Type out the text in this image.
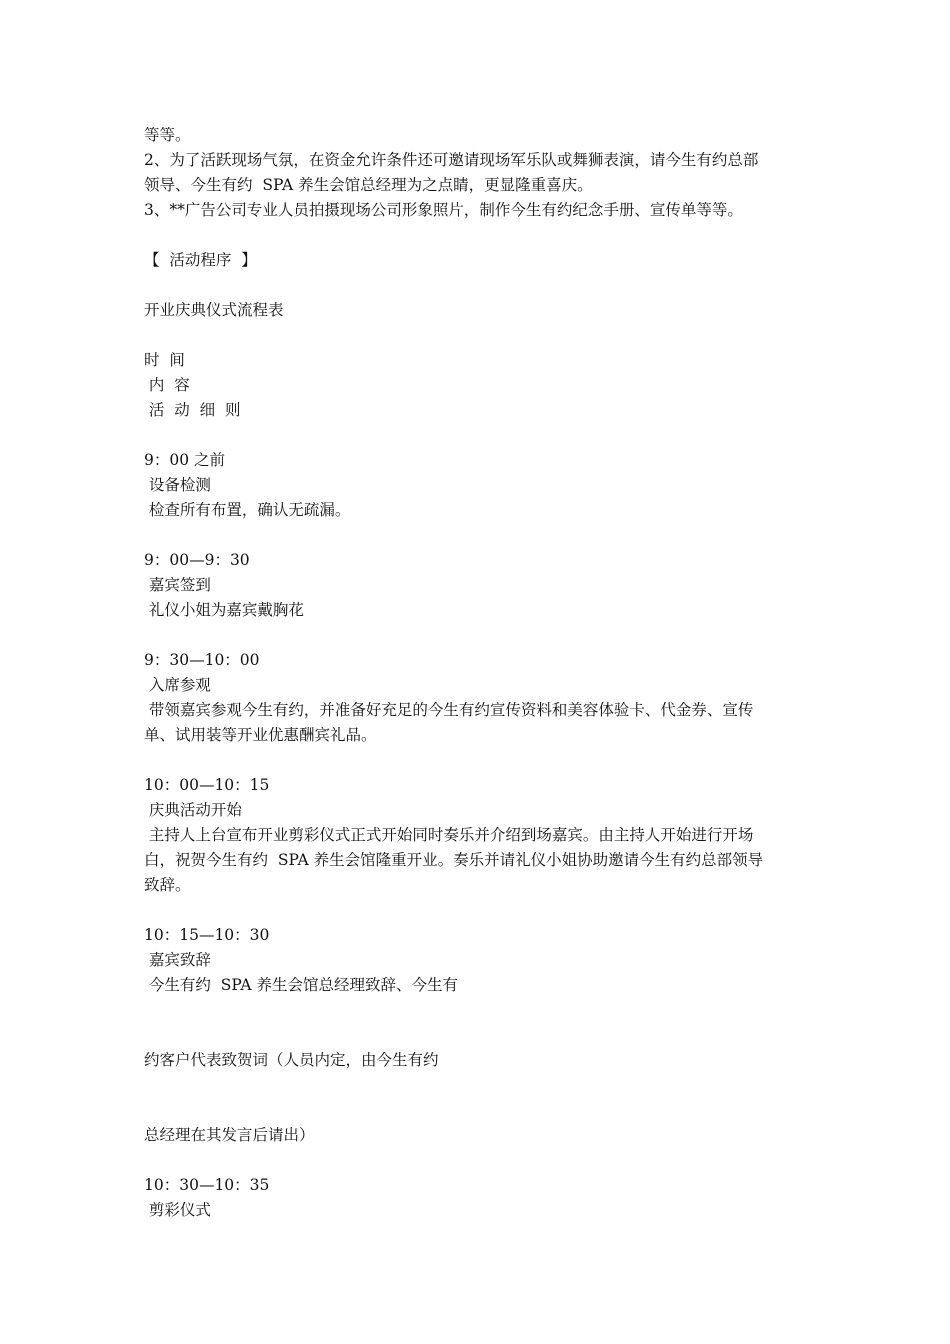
等等。
2、为了活跃现场气氛，在资金允许条件还可邀请现场军乐队或舞狮表演，请今生有约总部
领导、今生有约  SPA 养生会馆总经理为之点睛，更显隆重喜庆。
3、**广告公司专业人员拍摄现场公司形象照片，制作今生有约纪念手册、宣传单等等。
【  活动程序  】
开业庆典仪式流程表
时  间
内  容
活  动  细  则
9：00 之前
设备检测
检查所有布置，确认无疏漏。
9：00—9：30
嘉宾签到
礼仪小姐为嘉宾戴胸花
9：30—10：00
入席参观
带领嘉宾参观今生有约，并准备好充足的今生有约宣传资料和美容体验卡、代金券、宣传
单、试用装等开业优惠酬宾礼品。
10：00—10：15
庆典活动开始
主持人上台宣布开业剪彩仪式正式开始同时奏乐并介绍到场嘉宾。由主持人开始进行开场
白，祝贺今生有约  SPA 养生会馆隆重开业。奏乐并请礼仪小姐协助邀请今生有约总部领导
致辞。
10：15—10：30
嘉宾致辞
今生有约  SPA 养生会馆总经理致辞、今生有
约客户代表致贺词（人员内定，由今生有约
总经理在其发言后请出）
10：30—10：35
剪彩仪式
